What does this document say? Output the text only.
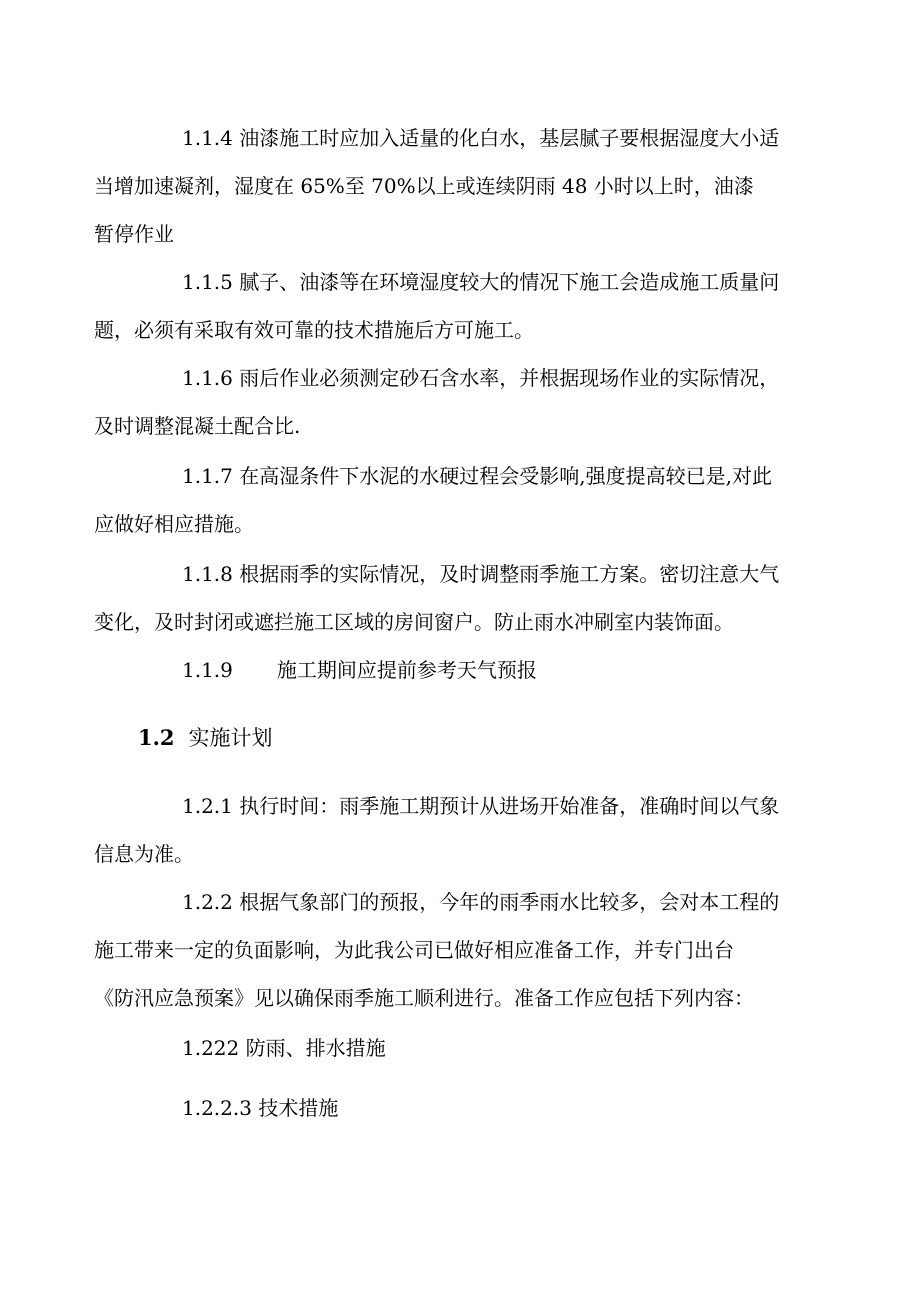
1.1.4 油漆施工时应加入适量的化白水，基层腻子要根据湿度大小适
当增加速凝剂，湿度在 65%至 70%以上或连续阴雨 48 小时以上时，油漆
暂停作业
1.1.5 腻子、油漆等在环境湿度较大的情况下施工会造成施工质量问
题，必须有采取有效可靠的技术措施后方可施工。
1.1.6 雨后作业必须测定砂石含水率，并根据现场作业的实际情况，
及时调整混凝土配合比.
1.1.7 在高湿条件下水泥的水硬过程会受影响,强度提高较已是,对此
应做好相应措施。
1.1.8 根据雨季的实际情况，及时调整雨季施工方案。密切注意大气
变化，及时封闭或遮拦施工区域的房间窗户。防止雨水冲刷室内装饰面。
1.1.9 施工期间应提前参考天气预报
1.2 实施计划
1.2.1 执行时间：雨季施工期预计从进场开始准备，准确时间以气象
信息为准。
1.2.2 根据气象部门的预报，今年的雨季雨水比较多，会对本工程的
施工带来一定的负面影响，为此我公司已做好相应准备工作，并专门出台
《防汛应急预案》见以确保雨季施工顺利进行。准备工作应包括下列内容：
1.222 防雨、排水措施
1.2.2.3 技术措施
